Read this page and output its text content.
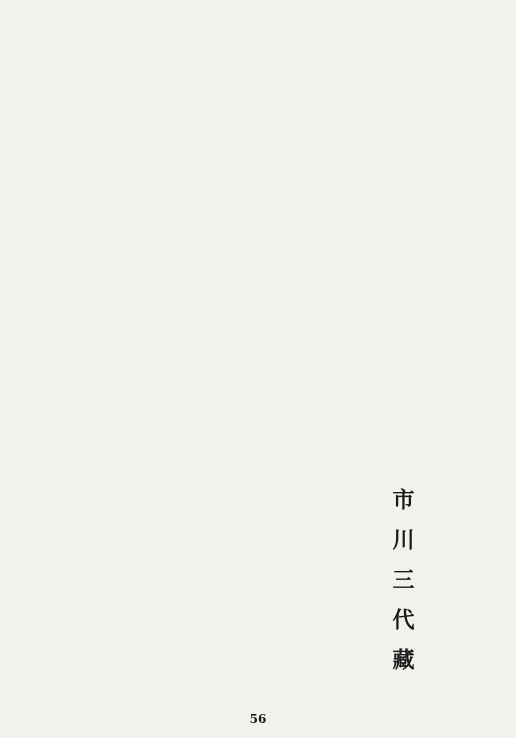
市川三代藏
56
